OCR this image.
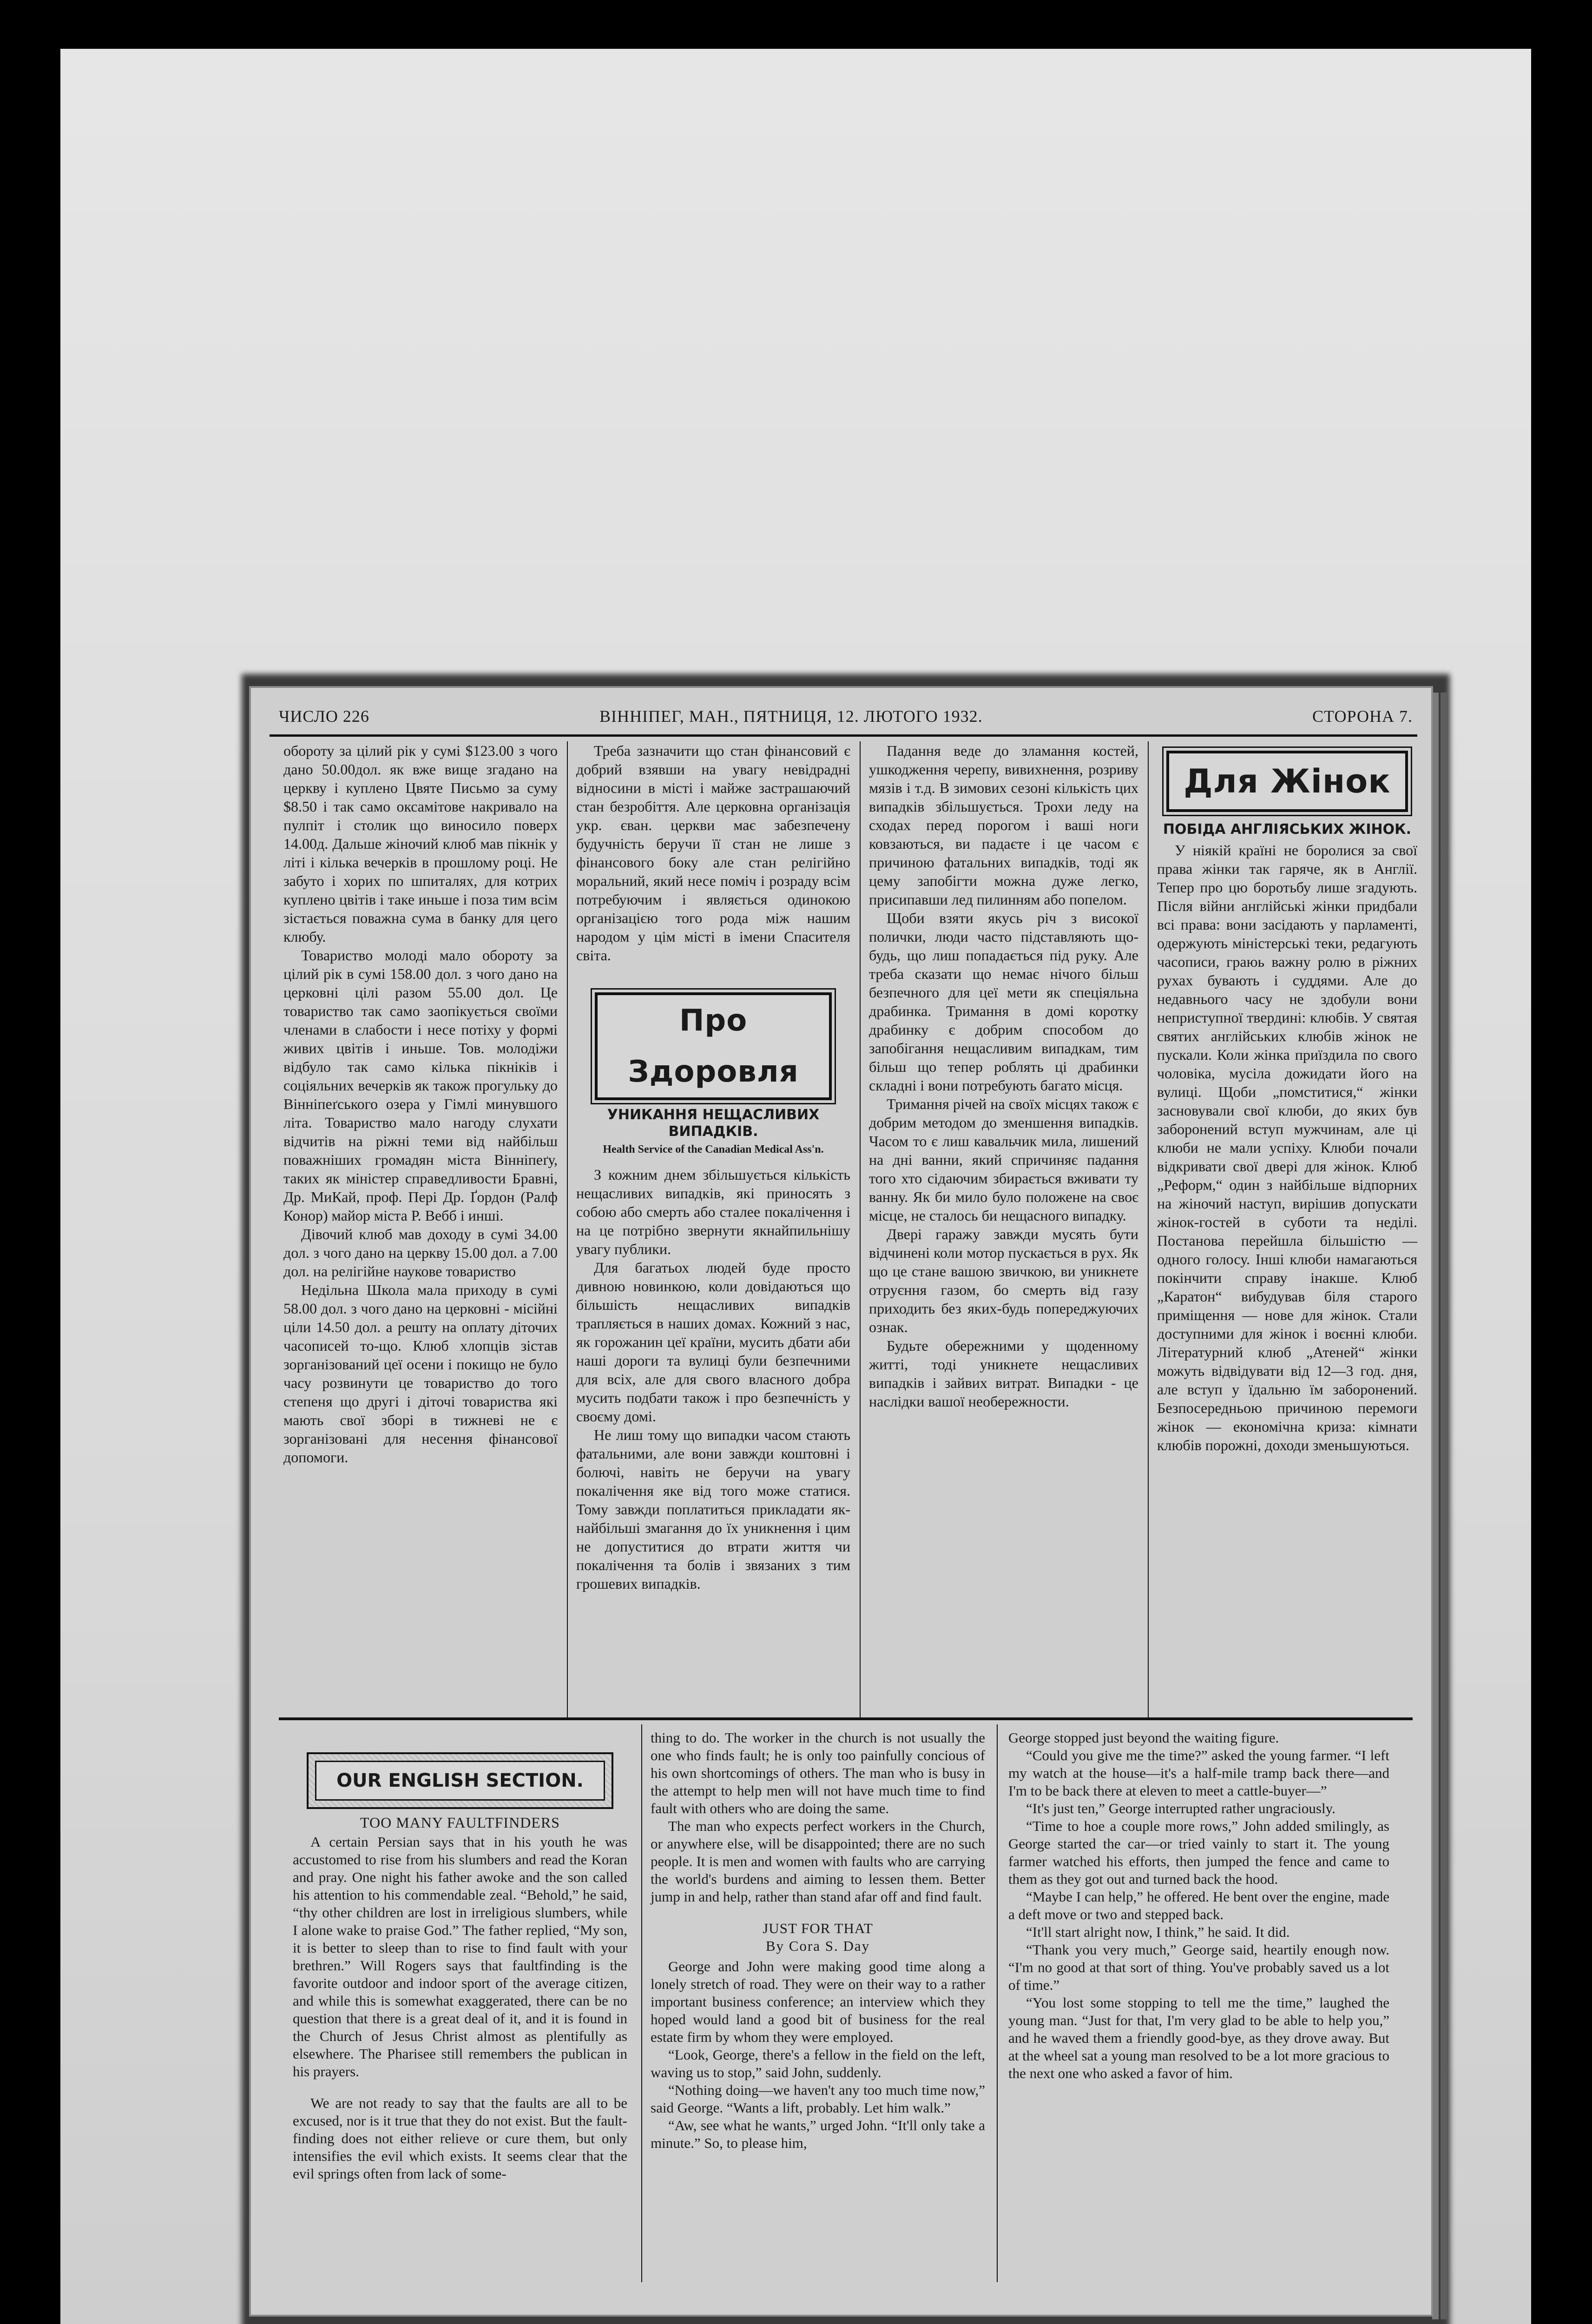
ЧИСЛО 226	ВІННІПЕГ, МАН., ПЯТНИЦЯ, 12. ЛЮТОГО 1932.	СТОРОНА 7.

обороту за цілий рік у сумі $123.00 з чого дано 50.00дол. як вже вище згадано на церкву і куплено Цвяте Письмо за суму $8.50 і так само оксамітове накривало на пулпіт і столик що виносило поверх 14.00д. Дальше жіночий клюб мав пікнік у літі і кілька вечерків в прошлому році. Не забуто і хорих по шпиталях, для котрих куплено цвітів і таке иньше і поза тим всім зістається поважна сума в банку для цего клюбу.

Товариство молоді мало обороту за цілий рік в сумі 158.00 дол. з чого дано на церковні цілі разом 55.00 дол. Це товариство так само заопікується своїми членами в слабости і несе потіху у формі живих цвітів і иньше. Тов. молодіжи відбуло так само кілька пікніків і соціяльних вечерків як також прогульку до Вінніпеґського озера у Гімлі минувшого літа. Товариство мало нагоду слухати відчитів на ріжні теми від найбільш поважніших громадян міста Вінніпеґу, таких як міністер справедливости Бравні, Др. МиКай, проф. Пері Др. Ґордон (Ралф Конор) майор міста Р. Вебб і инші.

Дівочий клюб мав доходу в сумі 34.00 дол. з чого дано на церкву 15.00 дол. а 7.00 дол. на релігійне наукове товариство

Недільна Школа мала приходу в сумі 58.00 дол. з чого дано на церковні - місійні ціли 14.50 дол. а решту на оплату діточих часописей то-що. Клюб хлопців зістав зорганізований цеї осени і покищо не було часу розвинути це товариство до того степеня що другі і діточі товариства які мають свої зборі в тижневі не є зорганізовані для несення фінансової допомоги.

Треба зазначити що стан фінансовий є добрий взявши на увагу невідрадні відносини в місті і майже застрашаючий стан безробіття. Але церковна організація укр. єван. церкви має забезпечену будучність беручи її стан не лише з фінансового боку але стан релігійно моральний, який несе поміч і розраду всім потребуючим і являється одинокою організацією того рода між нашим народом у цім місті в імени Спасителя світа.

Про Здоровля
УНИКАННЯ НЕЩАСЛИВИХ ВИПАДКІВ.
Health Service of the Canadian Medical Ass'n.

З кожним днем збільшується кількість нещасливих випадків, які приносять з собою або смерть або сталее покалічення і на це потрібно звернути якнайпильнішу увагу публики.

Для багатьох людей буде просто дивною новинкою, коли довідаються що більшість нещасливих випадків трапляється в наших домах. Кожний з нас, як горожанин цеї країни, мусить дбати аби наші дороги та вулиці були безпечними для всіх, але для свого власного добра мусить подбати також і про безпечність у своєму домі.

Не лиш тому що випадки часом стають фатальними, але вони завжди коштовні і болючі, навіть не беручи на увагу покалічення яке від того може статися. Тому завжди поплатиться прикладати як-найбільші змагання до їх уникнення і цим не допуститися до втрати життя чи покалічення та болів і звязаних з тим грошевих випадків.

Падання веде до зламання костей, ушкодження черепу, вивихнення, розриву мязів і т.д. В зимових сезоні кількість цих випадків збільшується. Трохи леду на сходах перед порогом і ваші ноги ковзаються, ви падаєте і це часом є причиною фатальних випадків, тоді як цему запобігти можна дуже легко, присипавши лед пилинням або попелом.

Щоби взяти якусь річ з високої полички, люди часто підставляють що-будь, що лиш попадається під руку. Але треба сказати що немає нічого більш безпечного для цеї мети як спеціяльна драбинка. Тримання в домі коротку драбинку є добрим способом до запобігання нещасливим випадкам, тим більш що тепер роблять ці драбинки складні і вони потребують багато місця.

Тримання річей на своїх місцях також є добрим методом до зменшення випадків. Часом то є лиш кавальчик мила, лишений на дні ванни, який спричиняє падання того хто сідаючим збирається вживати ту ванну. Як би мило було положене на своє місце, не сталось би нещасного випадку.

Двері гаражу завжди мусять бути відчинені коли мотор пускається в рух. Як що це стане вашою звичкою, ви уникнете отруєння газом, бо смерть від газу приходить без яких-будь попереджуючих ознак.

Будьте обережними у щоденному житті, тоді уникнете нещасливих випадків і зайвих витрат. Випадки - це наслідки вашої необережности.

Для Жінок
ПОБІДА АНГЛІЯСЬКИХ ЖІНОК.

У ніякій країні не боролися за свої права жінки так гаряче, як в Англії. Тепер про цю боротьбу лише згадують. Після війни англійські жінки придбали всі права: вони засідають у парламенті, одержують міністерські теки, редагують часописи, граюь важну ролю в ріжних рухах бувають і суддями. Але до недавнього часу не здобули вони неприступної твердині: клюбів. У святая святих англійських клюбів жінок не пускали. Коли жінка приїздила по свого чоловіка, мусіла дожидати його на вулиці. Щоби „помститися,“ жінки засновували свої клюби, до яких був заборонений вступ мужчинам, але ці клюби не мали успіху. Клюби почали відкривати свої двері для жінок. Клюб „Реформ,“ один з найбільше відпорних на жіночий наступ, вирішив допускати жінок-гостей в суботи та неділі. Постанова перейшла більшістю — одного голосу. Інші клюби намагаються покінчити справу інакше. Клюб „Каратон“ вибудував біля старого приміщення — нове для жінок. Стали доступними для жінок і воєнні клюби. Літературний клюб „Атеней“ жінки можуть відвідувати від 12—3 год. дня, але вступ у їдальню їм заборонений. Безпосередньою причиною перемоги жінок — економічна криза: кімнати клюбів порожні, доходи зменьшуються.

OUR ENGLISH SECTION.
TOO MANY FAULTFINDERS

A certain Persian says that in his youth he was accustomed to rise from his slumbers and read the Koran and pray. One night his father awoke and the son called his attention to his commendable zeal. “Behold,” he said, “thy other children are lost in irreligious slumbers, while I alone wake to praise God.” The father replied, “My son, it is better to sleep than to rise to find fault with your brethren.” Will Rogers says that faultfinding is the favorite outdoor and indoor sport of the average citizen, and while this is somewhat exaggerated, there can be no question that there is a great deal of it, and it is found in the Church of Jesus Christ almost as plentifully as elsewhere. The Pharisee still remembers the publican in his prayers.

We are not ready to say that the faults are all to be excused, nor is it true that they do not exist. But the fault-finding does not either relieve or cure them, but only intensifies the evil which exists. It seems clear that the evil springs often from lack of some-

thing to do. The worker in the church is not usually the one who finds fault; he is only too painfully concious of his own shortcomings of others. The man who is busy in the attempt to help men will not have much time to find fault with others who are doing the same.

The man who expects perfect workers in the Church, or anywhere else, will be disappointed; there are no such people. It is men and women with faults who are carrying the world's burdens and aiming to lessen them. Better jump in and help, rather than stand afar off and find fault.

JUST FOR THAT
By Cora S. Day

George and John were making good time along a lonely stretch of road. They were on their way to a rather important business conference; an interview which they hoped would land a good bit of business for the real estate firm by whom they were employed.

“Look, George, there's a fellow in the field on the left, waving us to stop,” said John, suddenly.

“Nothing doing—we haven't any too much time now,” said George. “Wants a lift, probably. Let him walk.”

“Aw, see what he wants,” urged John. “It'll only take a minute.” So, to please him,

George stopped just beyond the waiting figure.

“Could you give me the time?” asked the young farmer. “I left my watch at the house—it's a half-mile tramp back there—and I'm to be back there at eleven to meet a cattle-buyer—”

“It's just ten,” George interrupted rather ungraciously.

“Time to hoe a couple more rows,” John added smilingly, as George started the car—or tried vainly to start it. The young farmer watched his efforts, then jumped the fence and came to them as they got out and turned back the hood.

“Maybe I can help,” he offered. He bent over the engine, made a deft move or two and stepped back.

“It'll start alright now, I think,” he said. It did.

“Thank you very much,” George said, heartily enough now. “I'm no good at that sort of thing. You've probably saved us a lot of time.”

“You lost some stopping to tell me the time,” laughed the young man. “Just for that, I'm very glad to be able to help you,” and he waved them a friendly good-bye, as they drove away. But at the wheel sat a young man resolved to be a lot more gracious to the next one who asked a favor of him.
